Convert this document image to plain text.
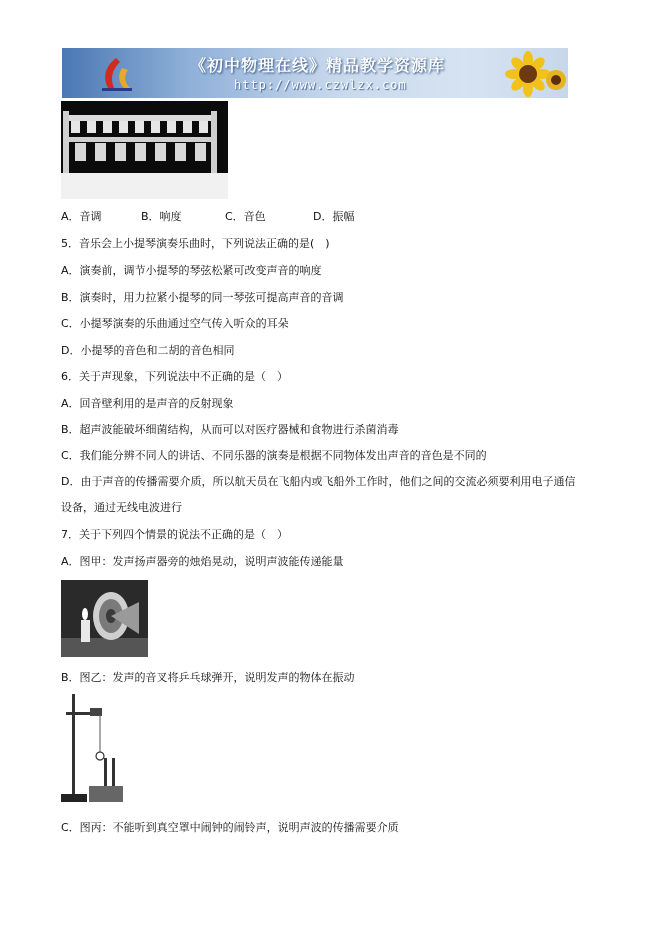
《初中物理在线》精品教学资源库
http://www.czwlzx.com
A．音调	B．响度	C．音色	D．振幅
5．音乐会上小提琴演奏乐曲时，下列说法正确的是(　)
A．演奏前，调节小提琴的琴弦松紧可改变声音的响度
B．演奏时，用力拉紧小提琴的同一琴弦可提高声音的音调
C．小提琴演奏的乐曲通过空气传入听众的耳朵
D．小提琴的音色和二胡的音色相同
6．关于声现象，下列说法中不正确的是（　）
A．回音壁利用的是声音的反射现象
B．超声波能破坏细菌结构，从而可以对医疗器械和食物进行杀菌消毒
C．我们能分辨不同人的讲话、不同乐器的演奏是根据不同物体发出声音的音色是不同的
D．由于声音的传播需要介质，所以航天员在飞船内或飞船外工作时，他们之间的交流必须要利用电子通信
设备，通过无线电波进行
7．关于下列四个情景的说法不正确的是（　）
A．图甲：发声扬声器旁的烛焰晃动，说明声波能传递能量
B．图乙：发声的音叉将乒乓球弹开，说明发声的物体在振动
C．图丙：不能听到真空罩中闹钟的闹铃声，说明声波的传播需要介质
